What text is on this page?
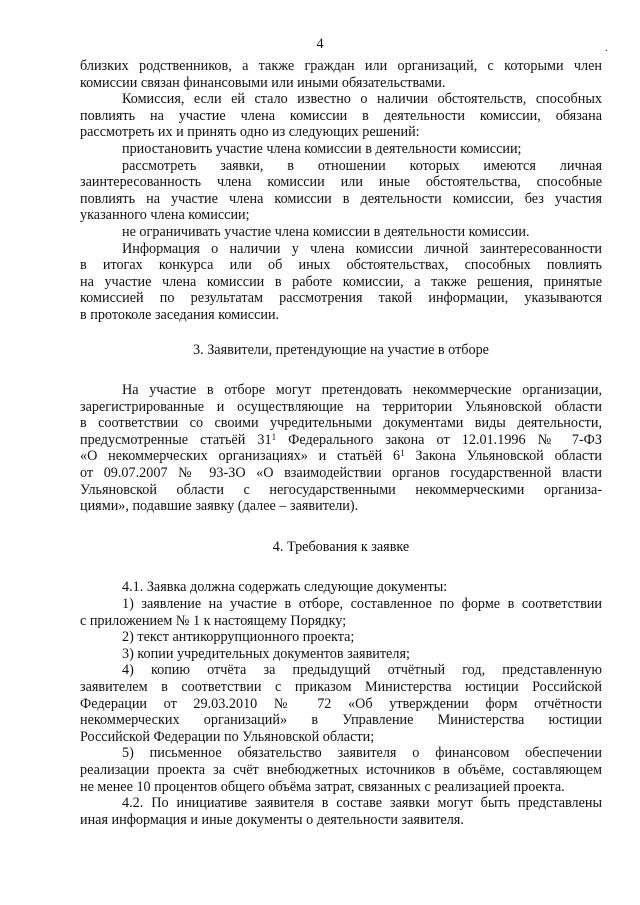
4	·

близких родственников, а также граждан или организаций, с которыми член

комиссии связан финансовыми или иными обязательствами.

Комиссия, если ей стало известно о наличии обстоятельств, способных

повлиять на участие члена комиссии в деятельности комиссии, обязана

рассмотреть их и принять одно из следующих решений:

приостановить участие члена комиссии в деятельности комиссии;

рассмотреть заявки, в отношении которых имеются личная

заинтересованность члена комиссии или иные обстоятельства, способные

повлиять на участие члена комиссии в деятельности комиссии, без участия

указанного члена комиссии;

не ограничивать участие члена комиссии в деятельности комиссии.

Информация о наличии у члена комиссии личной заинтересованности

в итогах конкурса или об иных обстоятельствах, способных повлиять

на участие члена комиссии в работе комиссии, а также решения, принятые

комиссией по результатам рассмотрения такой информации, указываются

в протоколе заседания комиссии.

3. Заявители, претендующие на участие в отборе

На участие в отборе могут претендовать некоммерческие организации,

зарегистрированные и осуществляющие на территории Ульяновской области

в соответствии со своими учредительными документами виды деятельности,

предусмотренные статьёй $31^1$ Федерального закона от 12.01.1996 № 7-ФЗ

«О некоммерческих организациях» и статьёй $6^1$ Закона Ульяновской области

от 09.07.2007 № 93-ЗО «О взаимодействии органов государственной власти

Ульяновской области с негосударственными некоммерческими организа-

циями», подавшие заявку (далее – заявители).

4. Требования к заявке

4.1. Заявка должна содержать следующие документы:

1) заявление на участие в отборе, составленное по форме в соответствии

с приложением № 1 к настоящему Порядку;

2) текст антикоррупционного проекта;

3) копии учредительных документов заявителя;

4) копию отчёта за предыдущий отчётный год, представленную

заявителем в соответствии с приказом Министерства юстиции Российской

Федерации от 29.03.2010 № 72 «Об утверждении форм отчётности

некоммерческих организаций» в Управление Министерства юстиции

Российской Федерации по Ульяновской области;

5) письменное обязательство заявителя о финансовом обеспечении

реализации проекта за счёт внебюджетных источников в объёме, составляющем

не менее 10 процентов общего объёма затрат, связанных с реализацией проекта.

4.2. По инициативе заявителя в составе заявки могут быть представлены

иная информация и иные документы о деятельности заявителя.
